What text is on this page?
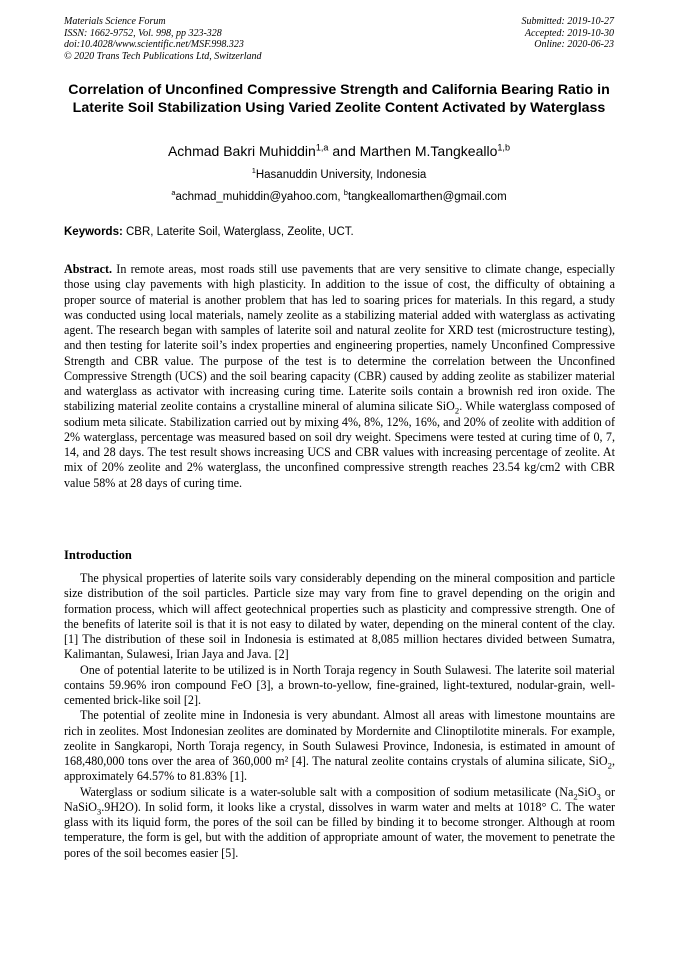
Materials Science Forum
ISSN: 1662-9752, Vol. 998, pp 323-328
doi:10.4028/www.scientific.net/MSF.998.323
© 2020 Trans Tech Publications Ltd, Switzerland
Submitted: 2019-10-27
Accepted: 2019-10-30
Online: 2020-06-23
Correlation of Unconfined Compressive Strength and California Bearing Ratio in Laterite Soil Stabilization Using Varied Zeolite Content Activated by Waterglass
Achmad Bakri Muhiddin$^{1,a}$ and Marthen M.Tangkeallo$^{1,b}$
$^1$Hasanuddin University, Indonesia
$^a$achmad_muhiddin@yahoo.com, $^b$tangkeallomarthen@gmail.com
Keywords: CBR, Laterite Soil, Waterglass, Zeolite, UCT.

Abstract. In remote areas, most roads still use pavements that are very sensitive to climate change, especially those using clay pavements with high plasticity. In addition to the issue of cost, the difficulty of obtaining a proper source of material is another problem that has led to soaring prices for materials. In this regard, a study was conducted using local materials, namely zeolite as a stabilizing material added with waterglass as activating agent. The research began with samples of laterite soil and natural zeolite for XRD test (microstructure testing), and then testing for laterite soil’s index properties and engineering properties, namely Unconfined Compressive Strength and CBR value. The purpose of the test is to determine the correlation between the Unconfined Compressive Strength (UCS) and the soil bearing capacity (CBR) caused by adding zeolite as stabilizer material and waterglass as activator with increasing curing time. Laterite soils contain a brownish red iron oxide. The stabilizing material zeolite contains a crystalline mineral of alumina silicate SiO$_2$. While waterglass composed of sodium meta silicate. Stabilization carried out by mixing 4%, 8%, 12%, 16%, and 20% of zeolite with addition of 2% waterglass, percentage was measured based on soil dry weight. Specimens were tested at curing time of 0, 7, 14, and 28 days. The test result shows increasing UCS and CBR values with increasing percentage of zeolite. At mix of 20% zeolite and 2% waterglass, the unconfined compressive strength reaches 23.54 kg/cm2 with CBR value 58% at 28 days of curing time.

Introduction

The physical properties of laterite soils vary considerably depending on the mineral composition and particle size distribution of the soil particles. Particle size may vary from fine to gravel depending on the origin and formation process, which will affect geotechnical properties such as plasticity and compressive strength. One of the benefits of laterite soil is that it is not easy to dilated by water, depending on the mineral content of the clay. [1] The distribution of these soil in Indonesia is estimated at 8,085 million hectares divided between Sumatra, Kalimantan, Sulawesi, Irian Jaya and Java. [2]

One of potential laterite to be utilized is in North Toraja regency in South Sulawesi. The laterite soil material contains 59.96% iron compound FeO [3], a brown-to-yellow, fine-grained, light-textured, nodular-grain, well-cemented brick-like soil [2].

The potential of zeolite mine in Indonesia is very abundant. Almost all areas with limestone mountains are rich in zeolites. Most Indonesian zeolites are dominated by Mordernite and Clinoptilotite minerals. For example, zeolite in Sangkaropi, North Toraja regency, in South Sulawesi Province, Indonesia, is estimated in amount of 168,480,000 tons over the area of 360,000 m² [4]. The natural zeolite contains crystals of alumina silicate, SiO$_2$, approximately 64.57% to 81.83% [1].

Waterglass or sodium silicate is a water-soluble salt with a composition of sodium metasilicate ($Na_2SiO_3$ or NaSiO$_3$.9H2O). In solid form, it looks like a crystal, dissolves in warm water and melts at 1018° C. The water glass with its liquid form, the pores of the soil can be filled by binding it to become stronger. Although at room temperature, the form is gel, but with the addition of appropriate amount of water, the movement to penetrate the pores of the soil becomes easier [5].
